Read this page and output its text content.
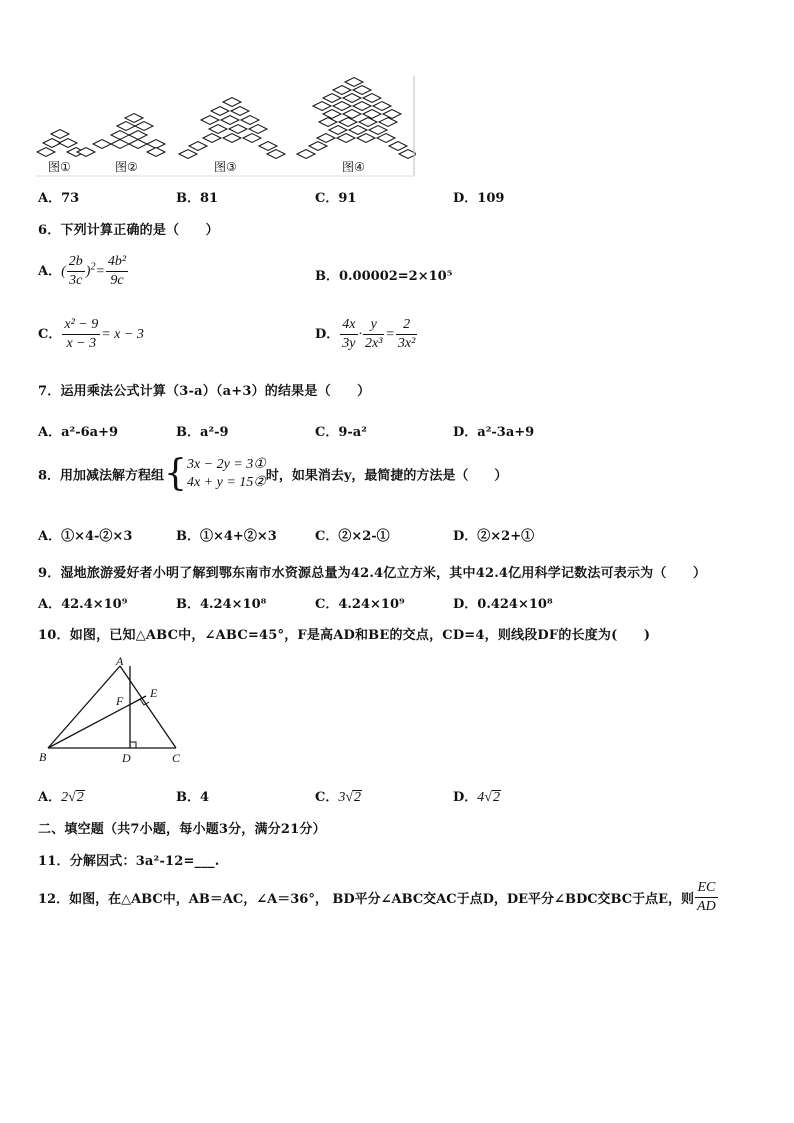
图①	图②	图③	图④
A．73	B．81	C．91	D．109
6．下列计算正确的是（　　）
A．( $\frac{2b}{3c} )^2= \frac{\text{4b²}}{9c}$	B．0.00002=2×10⁵
C． $\frac{\text{x² − 9}}{x - 3} = x - 3$	D． $\frac{4x}{3y} \cdot \frac{y}{\text{2x³}} = \frac{2}{\text{3x²}}$
7．运用乘法公式计算（3-a）（a+3）的结果是（　　）
A．a²-6a+9	B．a²-9	C．9-a²	D．a²-3a+9
8．用加减法解方程组{ 3x − 2y = 3①
4x + y = 15② 时，如果消去y，最简捷的方法是（　　）
A．①×4-②×3	B．①×4+②×3	C．②×2-①	D．②×2+①
9．湿地旅游爱好者小明了解到鄂东南市水资源总量为42.4亿立方米，其中42.4亿用科学记数法可表示为（　　）
A．42.4×10⁹	B．4.24×10⁸	C．4.24×10⁹	D．0.424×10⁸
10．如图，已知△ABC中，∠ABC=45°，F是高AD和BE的交点，CD=4，则线段DF的长度为(　　)
A
F
E
B	D	C
A．2√2	B．4	C．3√2	D．4√2
二、填空题（共7小题，每小题3分，满分21分）
11．分解因式：3a²-12=___.
12．如图，在△ABC中，AB＝AC，∠A＝36°， BD平分∠ABC交AC于点D，DE平分∠BDC交BC于点E，则 $\frac{EC}{AD}$
